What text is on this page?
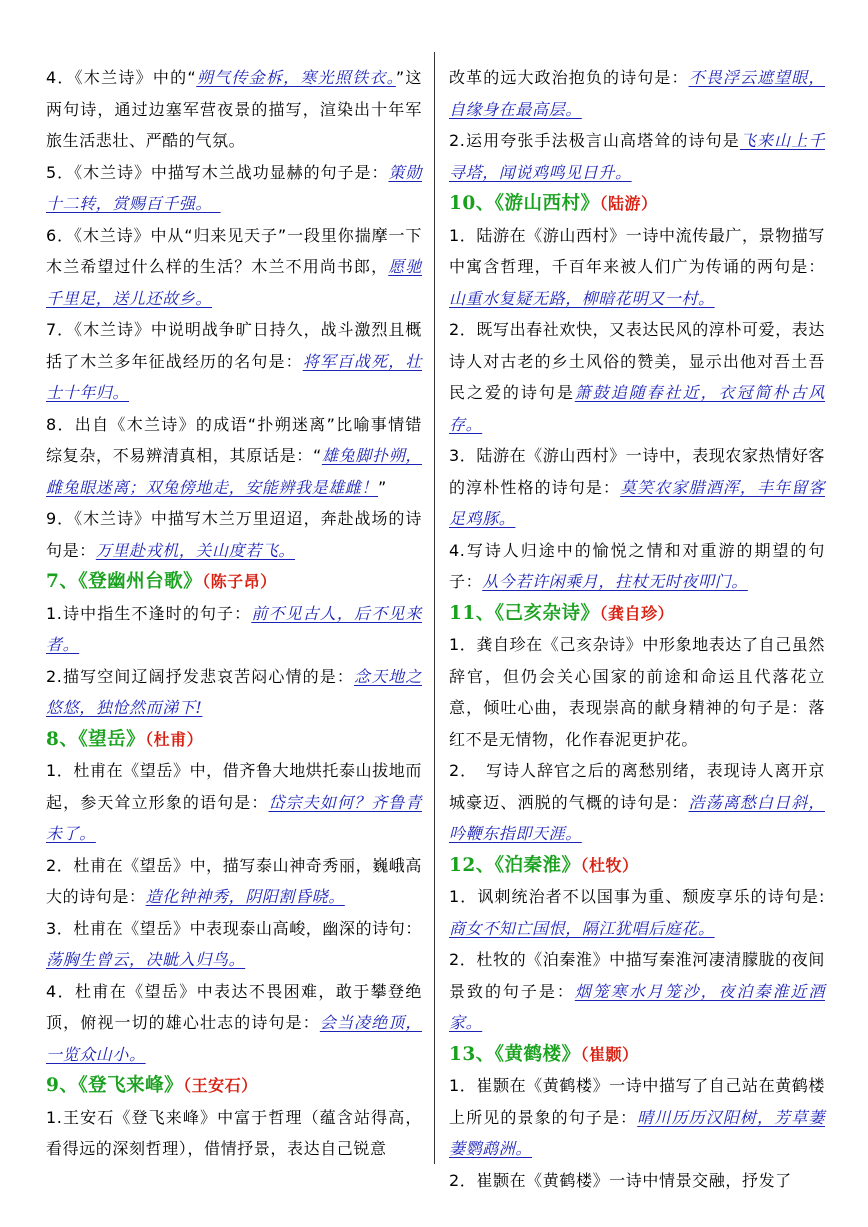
4．《木兰诗》中的“朔气传金柝，寒光照铁衣。”这两句诗，通过边塞军营夜景的描写，渲染出十年军旅生活悲壮、严酷的气氛。

5．《木兰诗》中描写木兰战功显赫的句子是：策勋十二转，赏赐百千强。　

6．《木兰诗》中从“归来见天子”一段里你揣摩一下木兰希望过什么样的生活？木兰不用尚书郎，愿驰千里足，送儿还故乡。

7．《木兰诗》中说明战争旷日持久，战斗激烈且概括了木兰多年征战经历的名句是：将军百战死，壮士十年归。

8．出自《木兰诗》的成语“扑朔迷离”比喻事情错综复杂，不易辨清真相，其原话是：“雄兔脚扑朔，雌兔眼迷离；双兔傍地走，安能辨我是雄雌！”

9．《木兰诗》中描写木兰万里迢迢，奔赴战场的诗句是：万里赴戎机，关山度若飞。

7、《登幽州台歌》（陈子昂）

1.诗中指生不逢时的句子：前不见古人，后不见来者。

2.描写空间辽阔抒发悲哀苦闷心情的是：念天地之悠悠，独怆然而涕下!

8、《望岳》（杜甫）

1．杜甫在《望岳》中，借齐鲁大地烘托泰山拔地而起，参天耸立形象的语句是：岱宗夫如何？齐鲁青未了。

2．杜甫在《望岳》中，描写泰山神奇秀丽，巍峨高大的诗句是：造化钟神秀，阴阳割昏晓。

3．杜甫在《望岳》中表现泰山高峻，幽深的诗句：荡胸生曾云，决眦入归鸟。

4．杜甫在《望岳》中表达不畏困难，敢于攀登绝顶，俯视一切的雄心壮志的诗句是：会当凌绝顶，一览众山小。

9、《登飞来峰》（王安石）

1.王安石《登飞来峰》中富于哲理（蕴含站得高，看得远的深刻哲理），借情抒景，表达自己锐意

改革的远大政治抱负的诗句是：不畏浮云遮望眼，自缘身在最高层。

2.运用夸张手法极言山高塔耸的诗句是飞来山上千寻塔，闻说鸡鸣见日升。

10、《游山西村》（陆游）

1．陆游在《游山西村》一诗中流传最广，景物描写中寓含哲理，千百年来被人们广为传诵的两句是：山重水复疑无路，柳暗花明又一村。

2．既写出春社欢快，又表达民风的淳朴可爱，表达诗人对古老的乡土风俗的赞美，显示出他对吾土吾民之爱的诗句是箫鼓追随春社近，衣冠简朴古风存。

3．陆游在《游山西村》一诗中，表现农家热情好客的淳朴性格的诗句是：莫笑农家腊酒浑，丰年留客足鸡豚。

4.写诗人归途中的愉悦之情和对重游的期望的句子：从今若许闲乘月，拄杖无时夜叩门。

11、《己亥杂诗》（龚自珍）

1．龚自珍在《己亥杂诗》中形象地表达了自己虽然辞官，但仍会关心国家的前途和命运且代落花立意，倾吐心曲，表现崇高的献身精神的句子是：落红不是无情物，化作春泥更护花。

2．　写诗人辞官之后的离愁别绪，表现诗人离开京城豪迈、洒脱的气概的诗句是：浩荡离愁白日斜，吟鞭东指即天涯。

12、《泊秦淮》（杜牧）

1．讽刺统治者不以国事为重、颓废享乐的诗句是:商女不知亡国恨，隔江犹唱后庭花。

2．杜牧的《泊秦淮》中描写秦淮河凄清朦胧的夜间景致的句子是：烟笼寒水月笼沙，夜泊秦淮近酒家。

13、《黄鹤楼》（崔颢）

1．崔颢在《黄鹤楼》一诗中描写了自己站在黄鹤楼上所见的景象的句子是：晴川历历汉阳树，芳草萋萋鹦鹉洲。

2．崔颢在《黄鹤楼》一诗中情景交融，抒发了
